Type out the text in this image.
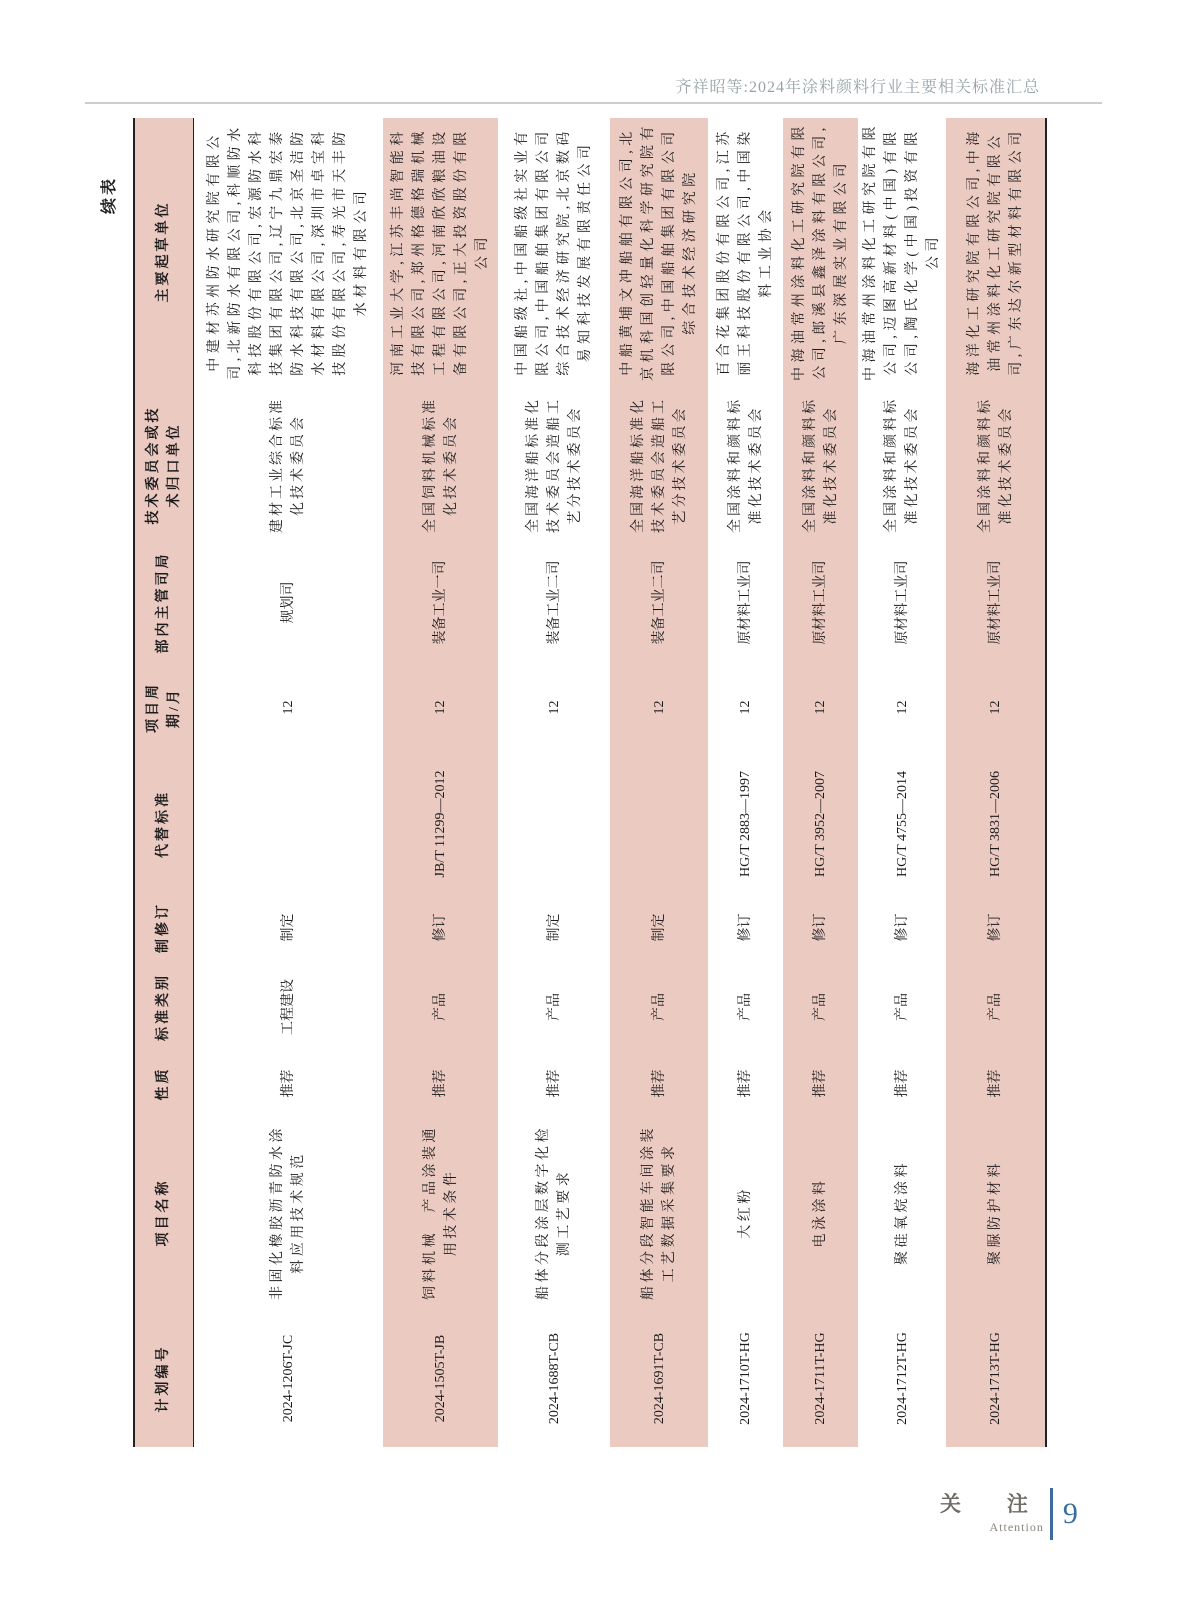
齐祥昭等:2024年涂料颜料行业主要相关标准汇总
续表
计划编号	项目名称	性质	标准类别	制修订	代替标准	项目周期/月	部内主管司局	技术委员会或技术归口单位	主要起草单位
2024-1206T-JC	非固化橡胶沥青防水涂料应用技术规范	推荐	工程建设	制定		12	规划司	建材工业综合标准化技术委员会	中建材苏州防水研究院有限公司,北新防水有限公司,科顺防水科技股份有限公司,宏源防水科技集团有限公司,辽宁九鼎宏泰防水科技有限公司,北京圣洁防水材料有限公司,深圳市卓宝科技股份有限公司,寿光市天丰防水材料有限公司
2024-1505T-JB	饲料机械　产品涂装通用技术条件	推荐	产品	修订	JB/T 11299—2012	12	装备工业一司	全国饲料机械标准化技术委员会	河南工业大学,江苏丰尚智能科技有限公司,郑州格德格瑞机械工程有限公司,河南欣欣粮油设备有限公司,正大投资股份有限公司
2024-1688T-CB	船体分段涂层数字化检测工艺要求	推荐	产品	制定		12	装备工业二司	全国海洋船标准化技术委员会造船工艺分技术委员会	中国船级社,中国船级社实业有限公司,中国船舶集团有限公司综合技术经济研究院,北京数码易知科技发展有限责任公司
2024-1691T-CB	船体分段智能车间涂装工艺数据采集要求	推荐	产品	制定		12	装备工业二司	全国海洋船标准化技术委员会造船工艺分技术委员会	中船黄埔文冲船舶有限公司,北京机科国创轻量化科学研究院有限公司,中国船舶集团有限公司综合技术经济研究院
2024-1710T-HG	大红粉	推荐	产品	修订	HG/T 2883—1997	12	原材料工业司	全国涂料和颜料标准化技术委员会	百合花集团股份有限公司,江苏丽王科技股份有限公司,中国染料工业协会
2024-1711T-HG	电泳涂料	推荐	产品	修订	HG/T 3952—2007	12	原材料工业司	全国涂料和颜料标准化技术委员会	中海油常州涂料化工研究院有限公司,郎溪县鑫泽涂料有限公司,广东深展实业有限公司
2024-1712T-HG	聚硅氧烷涂料	推荐	产品	修订	HG/T 4755—2014	12	原材料工业司	全国涂料和颜料标准化技术委员会	中海油常州涂料化工研究院有限公司,迈图高新材料(中国)有限公司,陶氏化学(中国)投资有限公司
2024-1713T-HG	聚脲防护材料	推荐	产品	修订	HG/T 3831—2006	12	原材料工业司	全国涂料和颜料标准化技术委员会	海洋化工研究院有限公司,中海油常州涂料化工研究院有限公司,广东达尔新型材料有限公司
关 注
Attention 9
